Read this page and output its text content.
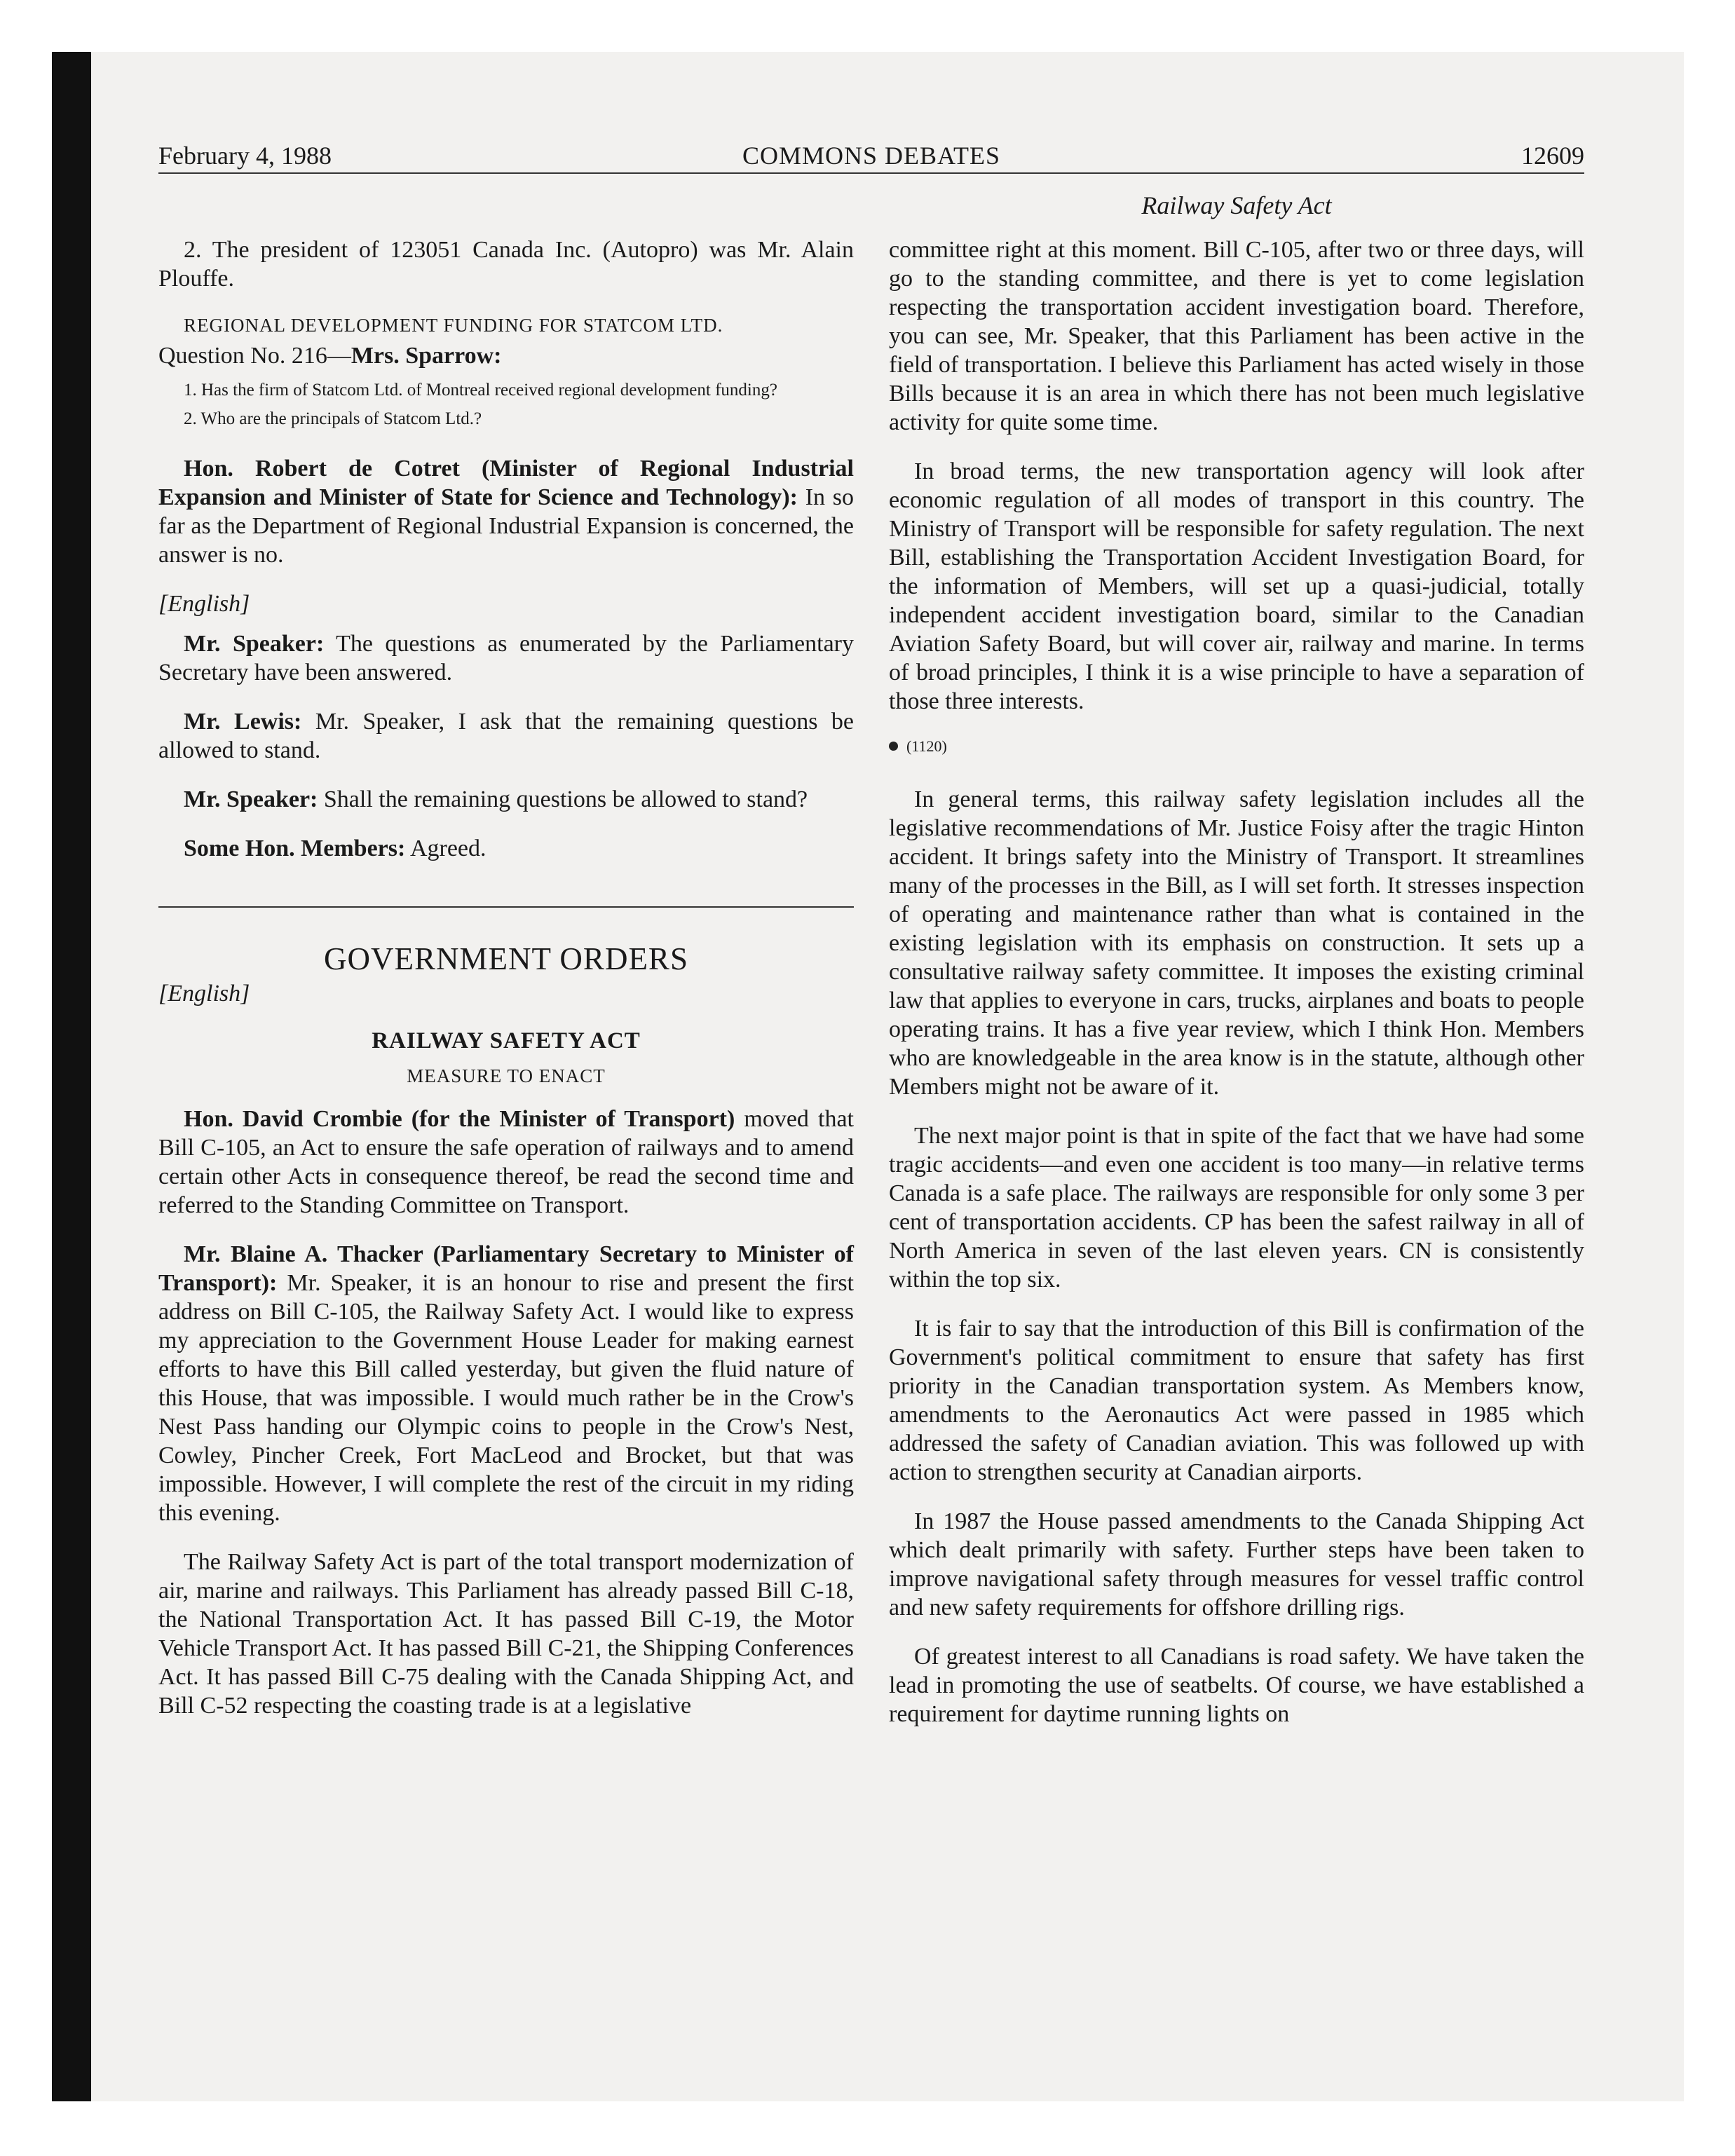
February 4, 1988	COMMONS DEBATES	12609
Railway Safety Act

2. The president of 123051 Canada Inc. (Autopro) was Mr. Alain Plouffe.

REGIONAL DEVELOPMENT FUNDING FOR STATCOM LTD.
Question No. 216—Mrs. Sparrow:
1. Has the firm of Statcom Ltd. of Montreal received regional development funding?
2. Who are the principals of Statcom Ltd.?

Hon. Robert de Cotret (Minister of Regional Industrial Expansion and Minister of State for Science and Technology): In so far as the Department of Regional Industrial Expansion is concerned, the answer is no.

[English]

Mr. Speaker: The questions as enumerated by the Parliamentary Secretary have been answered.

Mr. Lewis: Mr. Speaker, I ask that the remaining questions be allowed to stand.

Mr. Speaker: Shall the remaining questions be allowed to stand?

Some Hon. Members: Agreed.

GOVERNMENT ORDERS
[English]
RAILWAY SAFETY ACT
MEASURE TO ENACT

Hon. David Crombie (for the Minister of Transport) moved that Bill C-105, an Act to ensure the safe operation of railways and to amend certain other Acts in consequence thereof, be read the second time and referred to the Standing Committee on Transport.

Mr. Blaine A. Thacker (Parliamentary Secretary to Minister of Transport): Mr. Speaker, it is an honour to rise and present the first address on Bill C-105, the Railway Safety Act. I would like to express my appreciation to the Government House Leader for making earnest efforts to have this Bill called yesterday, but given the fluid nature of this House, that was impossible. I would much rather be in the Crow's Nest Pass handing our Olympic coins to people in the Crow's Nest, Cowley, Pincher Creek, Fort MacLeod and Brocket, but that was impossible. However, I will complete the rest of the circuit in my riding this evening.

The Railway Safety Act is part of the total transport modernization of air, marine and railways. This Parliament has already passed Bill C-18, the National Transportation Act. It has passed Bill C-19, the Motor Vehicle Transport Act. It has passed Bill C-21, the Shipping Conferences Act. It has passed Bill C-75 dealing with the Canada Shipping Act, and Bill C-52 respecting the coasting trade is at a legislative

committee right at this moment. Bill C-105, after two or three days, will go to the standing committee, and there is yet to come legislation respecting the transportation accident investigation board. Therefore, you can see, Mr. Speaker, that this Parliament has been active in the field of transportation. I believe this Parliament has acted wisely in those Bills because it is an area in which there has not been much legislative activity for quite some time.

In broad terms, the new transportation agency will look after economic regulation of all modes of transport in this country. The Ministry of Transport will be responsible for safety regulation. The next Bill, establishing the Transportation Accident Investigation Board, for the information of Members, will set up a quasi-judicial, totally independent accident investigation board, similar to the Canadian Aviation Safety Board, but will cover air, railway and marine. In terms of broad principles, I think it is a wise principle to have a separation of those three interests.

(1120)

In general terms, this railway safety legislation includes all the legislative recommendations of Mr. Justice Foisy after the tragic Hinton accident. It brings safety into the Ministry of Transport. It streamlines many of the processes in the Bill, as I will set forth. It stresses inspection of operating and maintenance rather than what is contained in the existing legislation with its emphasis on construction. It sets up a consultative railway safety committee. It imposes the existing criminal law that applies to everyone in cars, trucks, airplanes and boats to people operating trains. It has a five year review, which I think Hon. Members who are knowledgeable in the area know is in the statute, although other Members might not be aware of it.

The next major point is that in spite of the fact that we have had some tragic accidents—and even one accident is too many—in relative terms Canada is a safe place. The railways are responsible for only some 3 per cent of transportation accidents. CP has been the safest railway in all of North America in seven of the last eleven years. CN is consistently within the top six.

It is fair to say that the introduction of this Bill is confirmation of the Government's political commitment to ensure that safety has first priority in the Canadian transportation system. As Members know, amendments to the Aeronautics Act were passed in 1985 which addressed the safety of Canadian aviation. This was followed up with action to strengthen security at Canadian airports.

In 1987 the House passed amendments to the Canada Shipping Act which dealt primarily with safety. Further steps have been taken to improve navigational safety through measures for vessel traffic control and new safety requirements for offshore drilling rigs.

Of greatest interest to all Canadians is road safety. We have taken the lead in promoting the use of seatbelts. Of course, we have established a requirement for daytime running lights on
